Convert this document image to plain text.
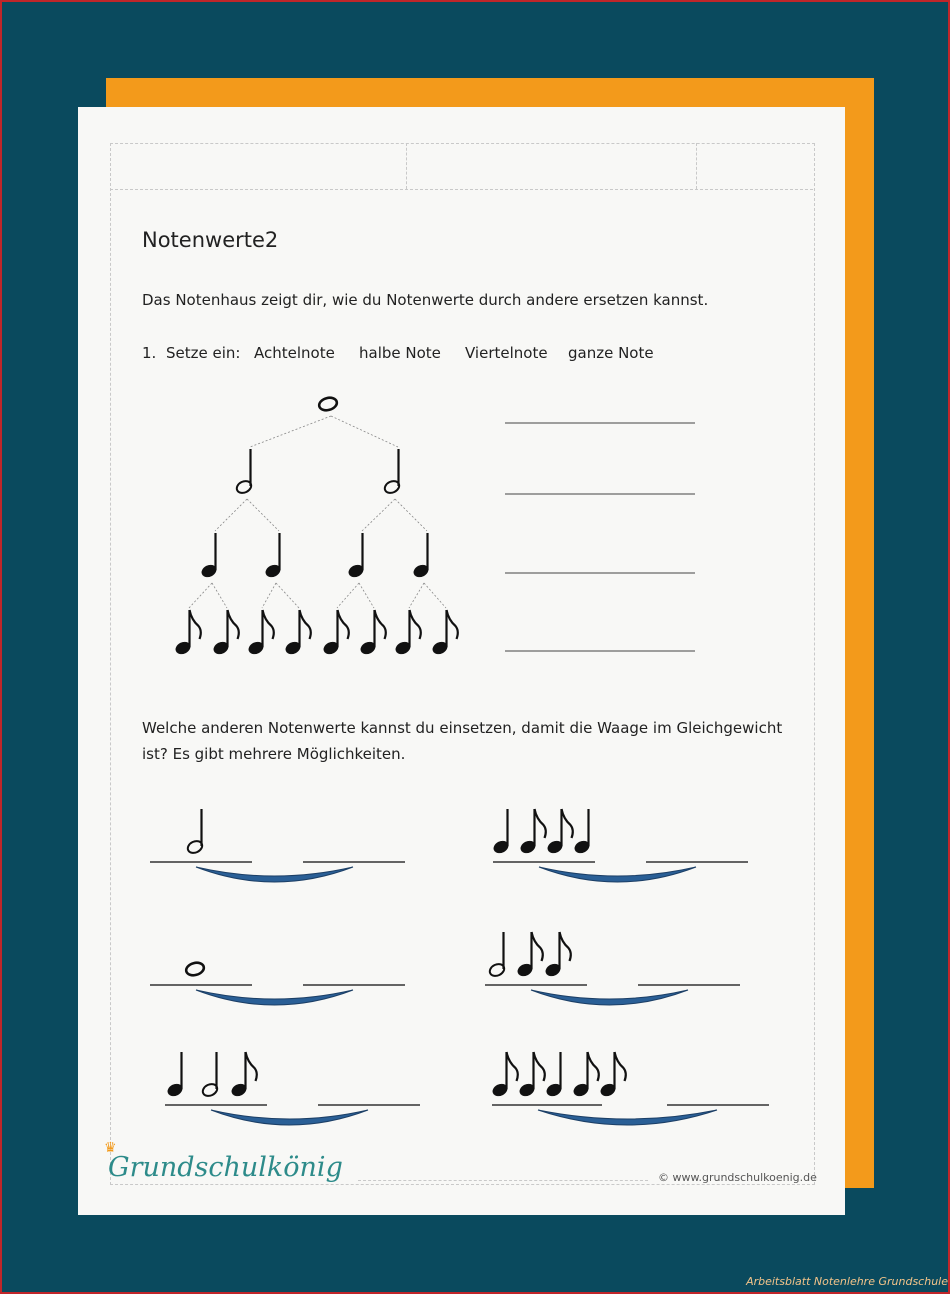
Notenwerte2
Das Notenhaus zeigt dir, wie du Notenwerte durch andere ersetzen kannst.
1. Setze ein: Achtelnote halbe Note Viertelnote ganze Note
Welche anderen Notenwerte kannst du einsetzen, damit die Waage im Gleichgewicht ist? Es gibt mehrere Möglichkeiten.
♛
Grundschulkönig	© www.grundschulkoenig.de
Arbeitsblatt Notenlehre Grundschule
